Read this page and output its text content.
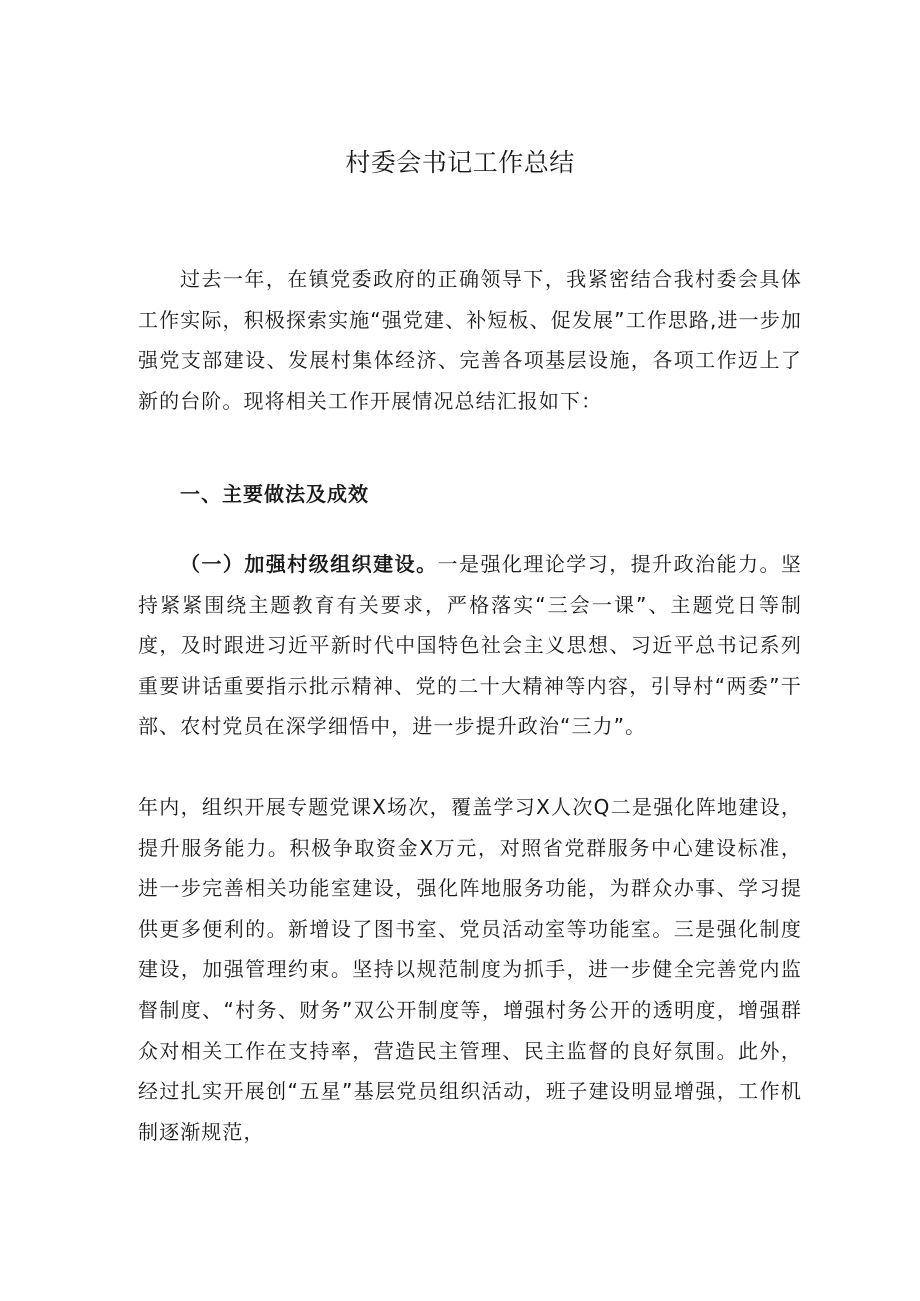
村委会书记工作总结

过去一年，在镇党委政府的正确领导下，我紧密结合我村委会具体工作实际，积极探索实施“强党建、补短板、促发展”工作思路,进一步加强党支部建设、发展村集体经济、完善各项基层设施，各项工作迈上了新的台阶。现将相关工作开展情况总结汇报如下：

一、主要做法及成效

（一）加强村级组织建设。一是强化理论学习，提升政治能力。坚持紧紧围绕主题教育有关要求，严格落实“三会一课”、主题党日等制度，及时跟进习近平新时代中国特色社会主义思想、习近平总书记系列重要讲话重要指示批示精神、党的二十大精神等内容，引导村“两委”干部、农村党员在深学细悟中，进一步提升政治“三力”。

年内，组织开展专题党课X场次，覆盖学习X人次Q二是强化阵地建设，提升服务能力。积极争取资金X万元，对照省党群服务中心建设标准，进一步完善相关功能室建设，强化阵地服务功能，为群众办事、学习提供更多便利的。新增设了图书室、党员活动室等功能室。三是强化制度建设，加强管理约束。坚持以规范制度为抓手，进一步健全完善党内监督制度、“村务、财务”双公开制度等，增强村务公开的透明度，增强群众对相关工作在支持率，营造民主管理、民主监督的良好氛围。此外，经过扎实开展创“五星”基层党员组织活动，班子建设明显增强，工作机制逐渐规范，
